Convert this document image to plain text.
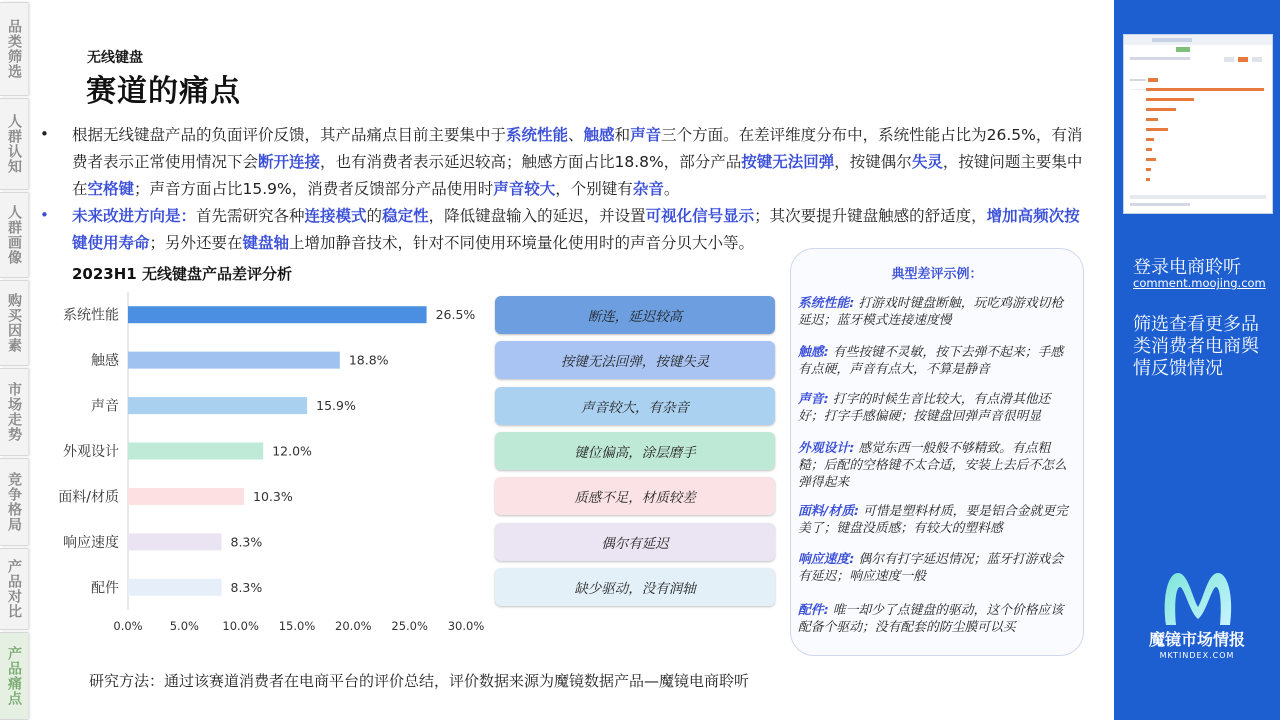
品类筛选
人群认知
人群画像
购买因素
市场走势
竞争格局
产品对比
产品痛点
无线键盘
赛道的痛点
• 根据无线键盘产品的负面评价反馈，其产品痛点目前主要集中于系统性能、触感和声音三个方面。在差评维度分布中，系统性能占比为26.5%，有消费者表示正常使用情况下会断开连接，也有消费者表示延迟较高；触感方面占比18.8%，部分产品按键无法回弹，按键偶尔失灵，按键问题主要集中在空格键；声音方面占比15.9%，消费者反馈部分产品使用时声音较大，个别键有杂音。
• 未来改进方向是：首先需研究各种连接模式的稳定性，降低键盘输入的延迟，并设置可视化信号显示；其次要提升键盘触感的舒适度，增加高频次按键使用寿命；另外还要在键盘轴上增加静音技术，针对不同使用环境量化使用时的声音分贝大小等。
2023H1 无线键盘产品差评分析
26.5%
系统性能
18.8%
触感
15.9%
声音
12.0%
外观设计
10.3%
面料/材质
8.3%
响应速度
8.3%
配件
0.0% 5.0% 10.0% 15.0% 20.0% 25.0% 30.0%
断连，延迟较高
按键无法回弹，按键失灵
声音较大，有杂音
键位偏高，涂层磨手
质感不足，材质较差
偶尔有延迟
缺少驱动，没有润轴
典型差评示例：
系统性能: 打游戏时键盘断触，玩吃鸡游戏切枪延迟；蓝牙模式连接速度慢
触感: 有些按键不灵敏，按下去弹不起来；手感有点硬，声音有点大，不算是静音
声音: 打字的时候生音比较大，有点滑其他还好；打字手感偏硬；按键盘回弹声音很明显
外观设计: 感觉东西一般般不够精致。有点粗糙；后配的空格键不太合适，安装上去后不怎么弹得起来
面料/材质: 可惜是塑料材质，要是铝合金就更完美了；键盘没质感；有较大的塑料感
响应速度: 偶尔有打字延迟情况；蓝牙打游戏会有延迟；响应速度一般
配件: 唯一却少了点键盘的驱动，这个价格应该配备个驱动；没有配套的防尘膜可以买
研究方法：通过该赛道消费者在电商平台的评价总结，评价数据来源为魔镜数据产品—魔镜电商聆听
登录电商聆听
comment.moojing.com
筛选查看更多品类消费者电商舆情反馈情况
魔镜市场情报
MKTINDEX.COM
